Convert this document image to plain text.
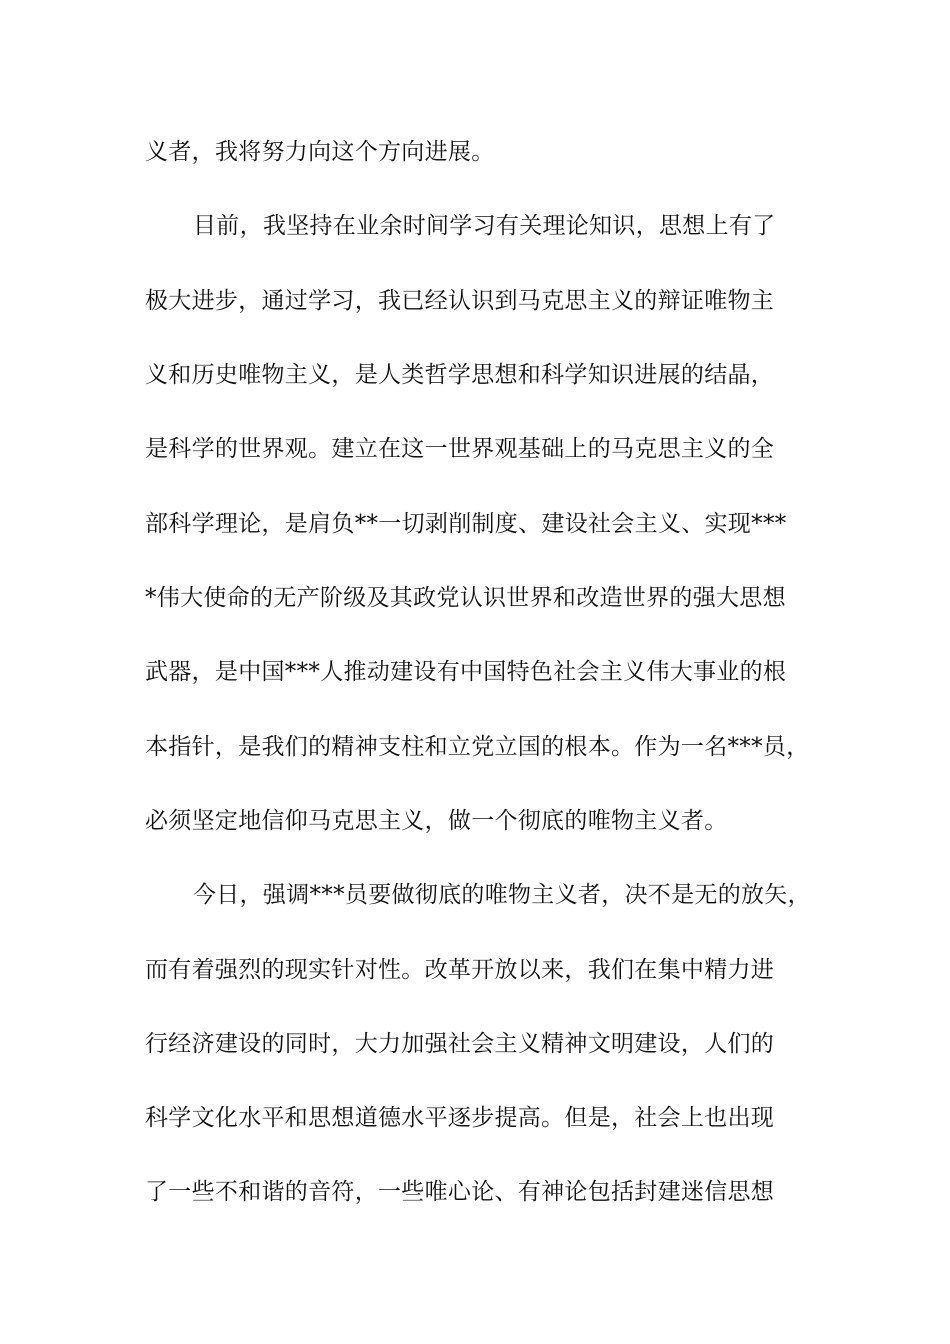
义者，我将努力向这个方向进展。
目前，我坚持在业余时间学习有关理论知识，思想上有了
极大进步，通过学习，我已经认识到马克思主义的辩证唯物主
义和历史唯物主义，是人类哲学思想和科学知识进展的结晶，
是科学的世界观。建立在这一世界观基础上的马克思主义的全
部科学理论，是肩负**一切剥削制度、建设社会主义、实现***
*伟大使命的无产阶级及其政党认识世界和改造世界的强大思想
武器，是中国***人推动建设有中国特色社会主义伟大事业的根
本指针，是我们的精神支柱和立党立国的根本。作为一名***员，
必须坚定地信仰马克思主义，做一个彻底的唯物主义者。
今日，强调***员要做彻底的唯物主义者，决不是无的放矢，
而有着强烈的现实针对性。改革开放以来，我们在集中精力进
行经济建设的同时，大力加强社会主义精神文明建设，人们的
科学文化水平和思想道德水平逐步提高。但是，社会上也出现
了一些不和谐的音符，一些唯心论、有神论包括封建迷信思想
